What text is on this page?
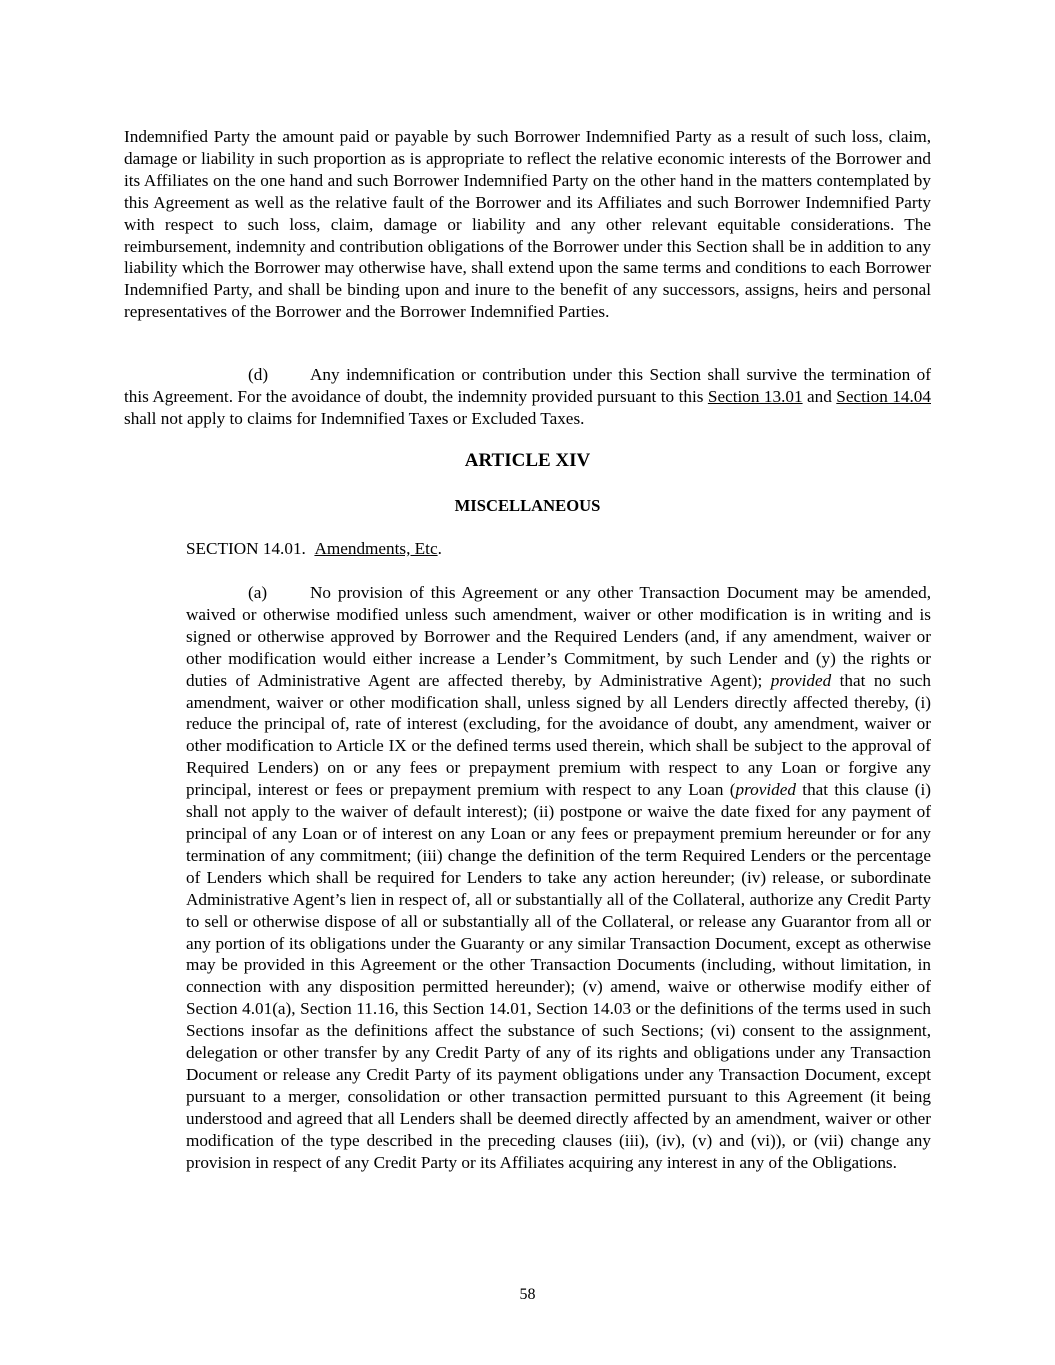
Indemnified Party the amount paid or payable by such Borrower Indemnified Party as a result of such loss, claim, damage or liability in such proportion as is appropriate to reflect the relative economic interests of the Borrower and its Affiliates on the one hand and such Borrower Indemnified Party on the other hand in the matters contemplated by this Agreement as well as the relative fault of the Borrower and its Affiliates and such Borrower Indemnified Party with respect to such loss, claim, damage or liability and any other relevant equitable considerations. The reimbursement, indemnity and contribution obligations of the Borrower under this Section shall be in addition to any liability which the Borrower may otherwise have, shall extend upon the same terms and conditions to each Borrower Indemnified Party, and shall be binding upon and inure to the benefit of any successors, assigns, heirs and personal representatives of the Borrower and the Borrower Indemnified Parties.
(d) Any indemnification or contribution under this Section shall survive the termination of this Agreement. For the avoidance of doubt, the indemnity provided pursuant to this Section 13.01 and Section 14.04 shall not apply to claims for Indemnified Taxes or Excluded Taxes.
ARTICLE XIV
MISCELLANEOUS
SECTION 14.01. Amendments, Etc.
(a) No provision of this Agreement or any other Transaction Document may be amended, waived or otherwise modified unless such amendment, waiver or other modification is in writing and is signed or otherwise approved by Borrower and the Required Lenders (and, if any amendment, waiver or other modification would either increase a Lender’s Commitment, by such Lender and (y) the rights or duties of Administrative Agent are affected thereby, by Administrative Agent); provided that no such amendment, waiver or other modification shall, unless signed by all Lenders directly affected thereby, (i) reduce the principal of, rate of interest (excluding, for the avoidance of doubt, any amendment, waiver or other modification to Article IX or the defined terms used therein, which shall be subject to the approval of Required Lenders) on or any fees or prepayment premium with respect to any Loan or forgive any principal, interest or fees or prepayment premium with respect to any Loan (provided that this clause (i) shall not apply to the waiver of default interest); (ii) postpone or waive the date fixed for any payment of principal of any Loan or of interest on any Loan or any fees or prepayment premium hereunder or for any termination of any commitment; (iii) change the definition of the term Required Lenders or the percentage of Lenders which shall be required for Lenders to take any action hereunder; (iv) release, or subordinate Administrative Agent’s lien in respect of, all or substantially all of the Collateral, authorize any Credit Party to sell or otherwise dispose of all or substantially all of the Collateral, or release any Guarantor from all or any portion of its obligations under the Guaranty or any similar Transaction Document, except as otherwise may be provided in this Agreement or the other Transaction Documents (including, without limitation, in connection with any disposition permitted hereunder); (v) amend, waive or otherwise modify either of Section 4.01(a), Section 11.16, this Section 14.01, Section 14.03 or the definitions of the terms used in such Sections insofar as the definitions affect the substance of such Sections; (vi) consent to the assignment, delegation or other transfer by any Credit Party of any of its rights and obligations under any Transaction Document or release any Credit Party of its payment obligations under any Transaction Document, except pursuant to a merger, consolidation or other transaction permitted pursuant to this Agreement (it being understood and agreed that all Lenders shall be deemed directly affected by an amendment, waiver or other modification of the type described in the preceding clauses (iii), (iv), (v) and (vi)), or (vii) change any provision in respect of any Credit Party or its Affiliates acquiring any interest in any of the Obligations.
58
